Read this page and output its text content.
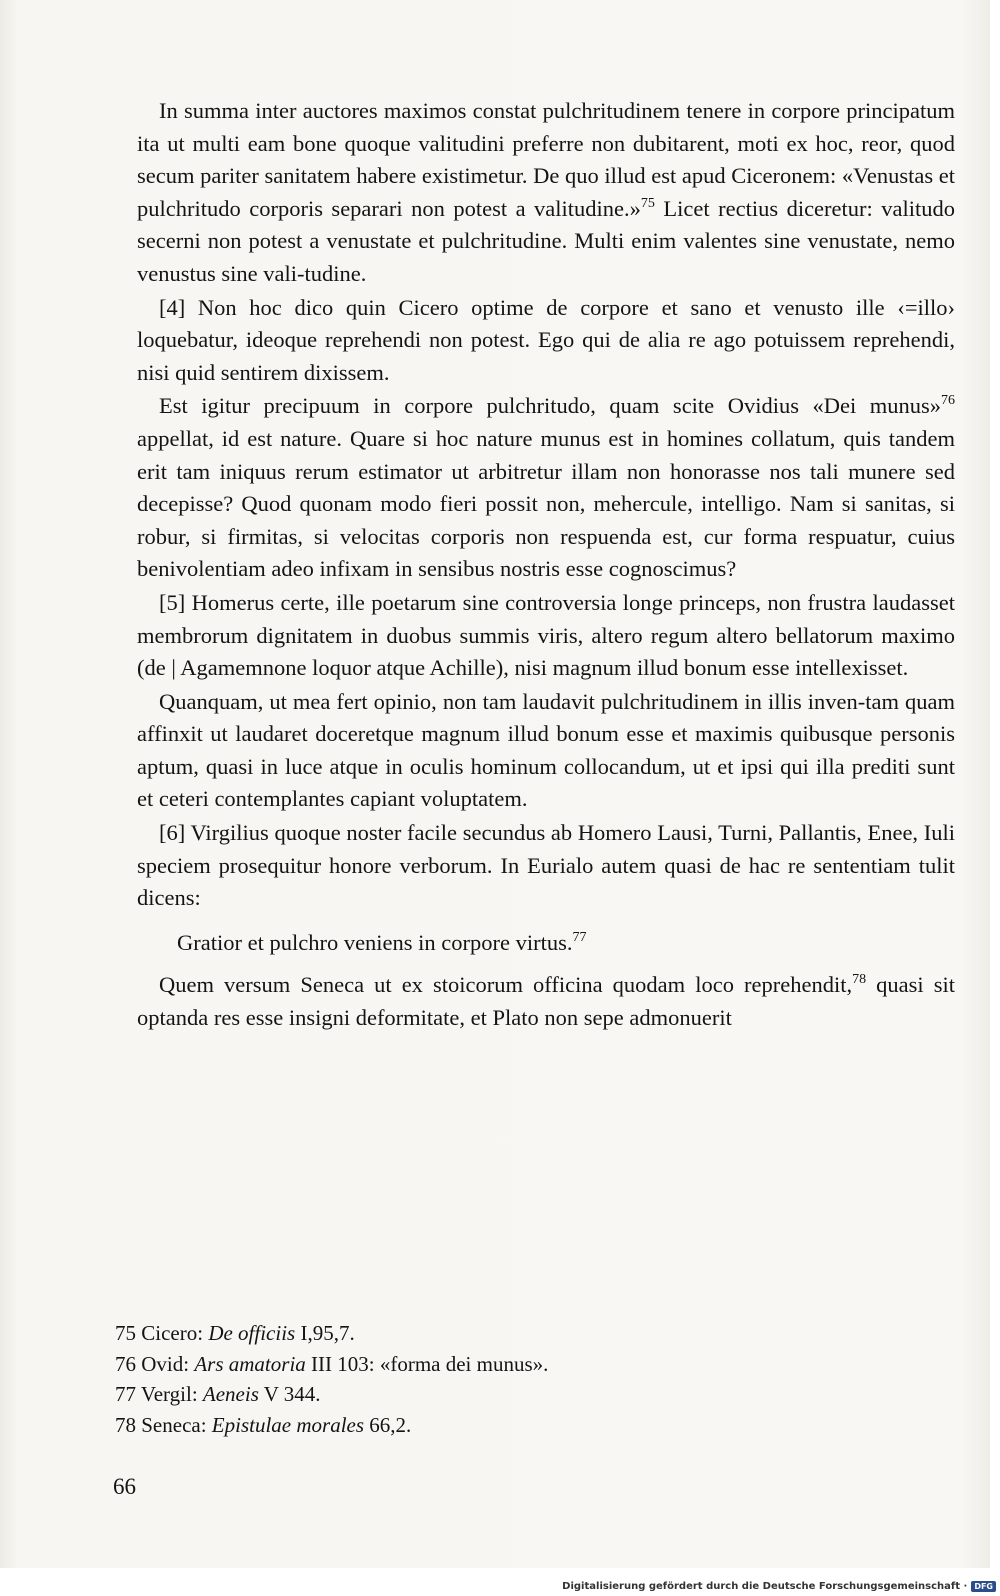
In summa inter auctores maximos constat pulchritudinem tenere in corpore principatum ita ut multi eam bone quoque valitudini preferre non dubitarent, moti ex hoc, reor, quod secum pariter sanitatem habere existimetur. De quo illud est apud Ciceronem: «Venustas et pulchritudo corporis separari non potest a valitudine.»$^{75}$ Licet rectius diceretur: valitudo secerni non potest a venustate et pulchritudine. Multi enim valentes sine venustate, nemo venustus sine vali-tudine.

[4] Non hoc dico quin Cicero optime de corpore et sano et venusto ille ‹=illo› loquebatur, ideoque reprehendi non potest. Ego qui de alia re ago potuissem reprehendi, nisi quid sentirem dixissem.

Est igitur precipuum in corpore pulchritudo, quam scite Ovidius «Dei munus»$^{76}$ appellat, id est nature. Quare si hoc nature munus est in homines collatum, quis tandem erit tam iniquus rerum estimator ut arbitretur illam non honorasse nos tali munere sed decepisse? Quod quonam modo fieri possit non, mehercule, intelligo. Nam si sanitas, si robur, si firmitas, si velocitas corporis non respuenda est, cur forma respuatur, cuius benivolentiam adeo infixam in sensibus nostris esse cognoscimus?

[5] Homerus certe, ille poetarum sine controversia longe princeps, non frustra laudasset membrorum dignitatem in duobus summis viris, altero regum altero bellatorum maximo (de | Agamemnone loquor atque Achille), nisi magnum illud bonum esse intellexisset.

Quanquam, ut mea fert opinio, non tam laudavit pulchritudinem in illis inven-tam quam affinxit ut laudaret doceretque magnum illud bonum esse et maximis quibusque personis aptum, quasi in luce atque in oculis hominum collocandum, ut et ipsi qui illa prediti sunt et ceteri contemplantes capiant voluptatem.

[6] Virgilius quoque noster facile secundus ab Homero Lausi, Turni, Pallantis, Enee, Iuli speciem prosequitur honore verborum. In Eurialo autem quasi de hac re sententiam tulit dicens:

Gratior et pulchro veniens in corpore virtus.$^{77}$

Quem versum Seneca ut ex stoicorum officina quodam loco reprehendit,$^{78}$ quasi sit optanda res esse insigni deformitate, et Plato non sepe admonuerit

75 Cicero: De officiis I,95,7.
76 Ovid: Ars amatoria III 103: «forma dei munus».
77 Vergil: Aeneis V 344.
78 Seneca: Epistulae morales 66,2.
66
Digitalisierung gefördert durch die Deutsche Forschungsgemeinschaft · DFG
